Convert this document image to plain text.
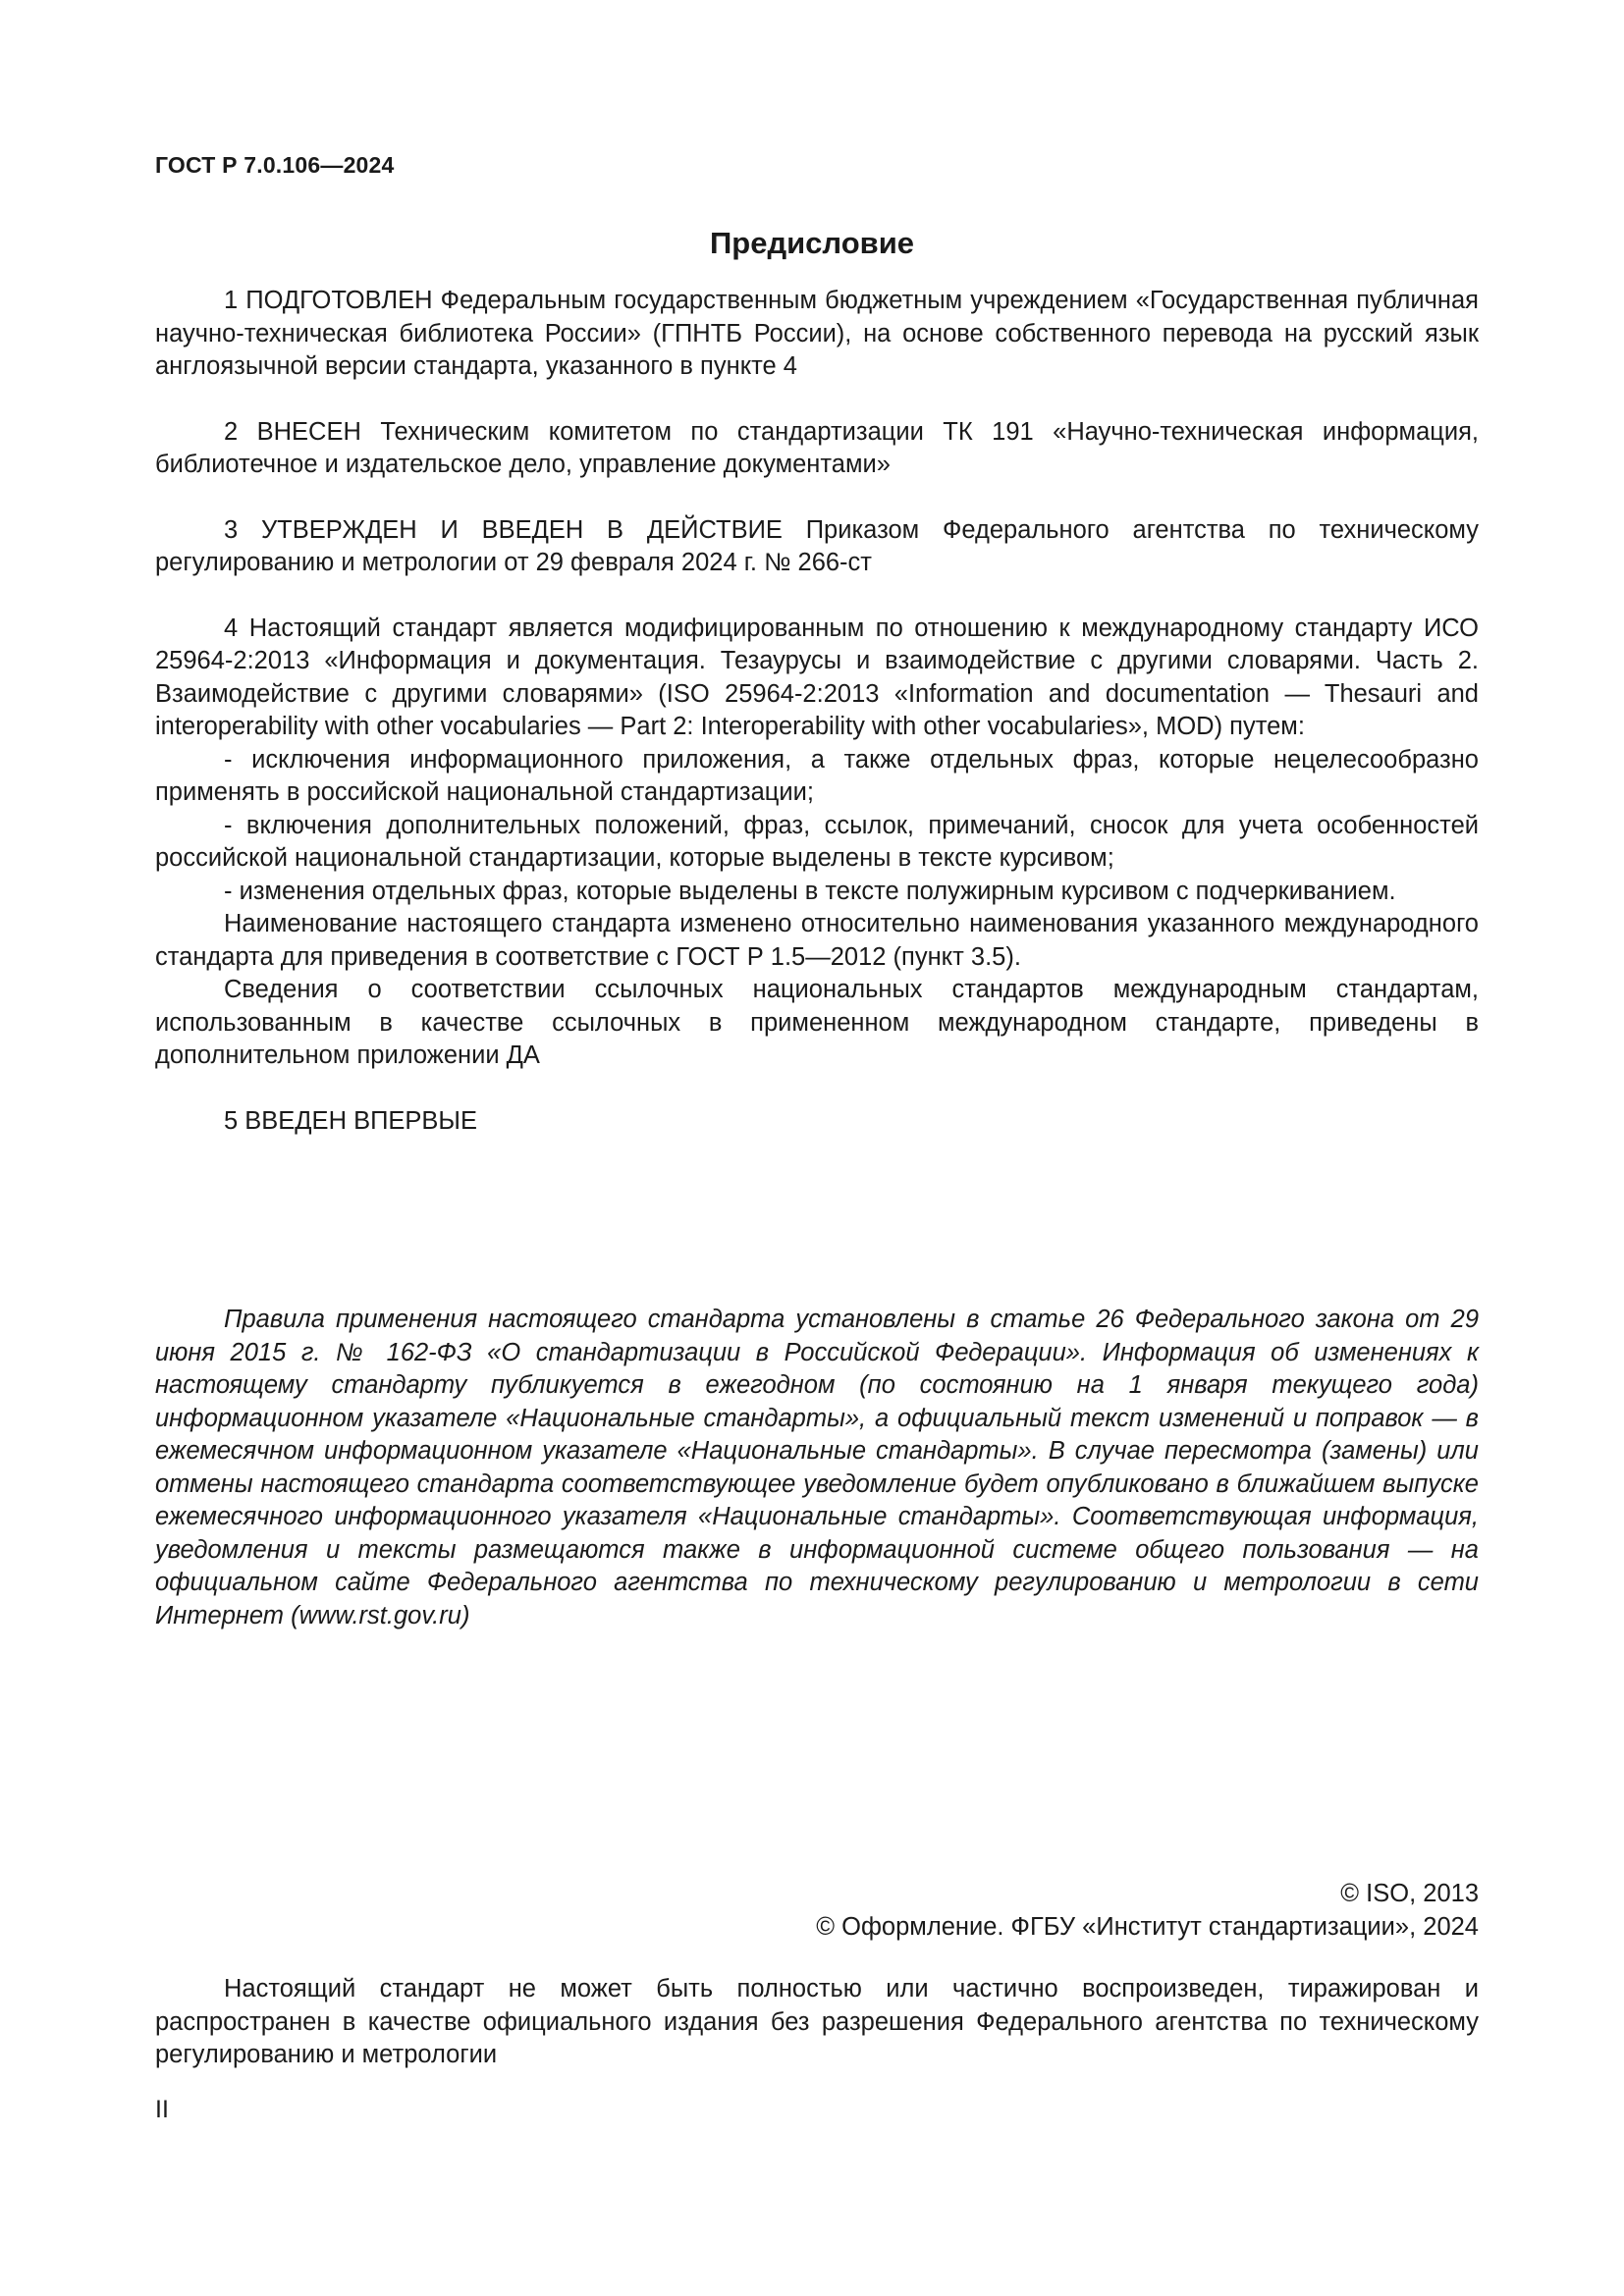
ГОСТ Р 7.0.106—2024
Предисловие

1 ПОДГОТОВЛЕН Федеральным государственным бюджетным учреждением «Государственная публичная научно-техническая библиотека России» (ГПНТБ России), на основе собственного перевода на русский язык англоязычной версии стандарта, указанного в пункте 4

2 ВНЕСЕН Техническим комитетом по стандартизации ТК 191 «Научно-техническая информация, библиотечное и издательское дело, управление документами»

3 УТВЕРЖДЕН И ВВЕДЕН В ДЕЙСТВИЕ Приказом Федерального агентства по техническому регулированию и метрологии от 29 февраля 2024 г. № 266-ст

4 Настоящий стандарт является модифицированным по отношению к международному стандарту ИСО 25964-2:2013 «Информация и документация. Тезаурусы и взаимодействие с другими словарями. Часть 2. Взаимодействие с другими словарями» (ISO 25964-2:2013 «Information and documentation — Thesauri and interoperability with other vocabularies — Part 2: Interoperability with other vocabularies», MOD) путем:

- исключения информационного приложения, а также отдельных фраз, которые нецелесообразно применять в российской национальной стандартизации;

- включения дополнительных положений, фраз, ссылок, примечаний, сносок для учета особенностей российской национальной стандартизации, которые выделены в тексте курсивом;

- изменения отдельных фраз, которые выделены в тексте полужирным курсивом с подчеркиванием.

Наименование настоящего стандарта изменено относительно наименования указанного международного стандарта для приведения в соответствие с ГОСТ Р 1.5—2012 (пункт 3.5).

Сведения о соответствии ссылочных национальных стандартов международным стандартам, использованным в качестве ссылочных в примененном международном стандарте, приведены в дополнительном приложении ДА

5 ВВЕДЕН ВПЕРВЫЕ

Правила применения настоящего стандарта установлены в статье 26 Федерального закона от 29 июня 2015 г. № 162-ФЗ «О стандартизации в Российской Федерации». Информация об изменениях к настоящему стандарту публикуется в ежегодном (по состоянию на 1 января текущего года) информационном указателе «Национальные стандарты», а официальный текст изменений и поправок — в ежемесячном информационном указателе «Национальные стандарты». В случае пересмотра (замены) или отмены настоящего стандарта соответствующее уведомление будет опубликовано в ближайшем выпуске ежемесячного информационного указателя «Национальные стандарты». Соответствующая информация, уведомления и тексты размещаются также в информационной системе общего пользования — на официальном сайте Федерального агентства по техническому регулированию и метрологии в сети Интернет (www.rst.gov.ru)

© ISO, 2013
© Оформление. ФГБУ «Институт стандартизации», 2024

Настоящий стандарт не может быть полностью или частично воспроизведен, тиражирован и распространен в качестве официального издания без разрешения Федерального агентства по техническому регулированию и метрологии

II
